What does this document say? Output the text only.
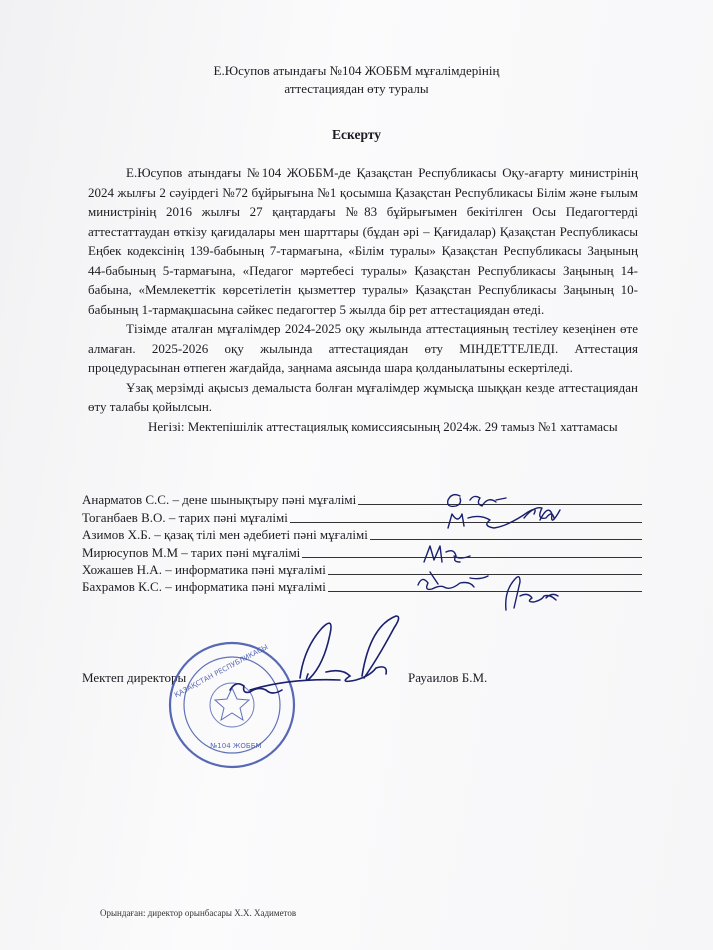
Е.Юсупов атындағы №104 ЖОББМ мұғалімдерінің
аттестациядан өту туралы
Ескерту

Е.Юсупов атындағы №104 ЖОББМ-де Қазақстан Республикасы Оқу-ағарту министрінің 2024 жылғы 2 сәуірдегі №72 бұйрығына №1 қосымша Қазақстан Республикасы Білім және ғылым министрінің 2016 жылғы 27 қаңтардағы №83 бұйрығымен бекітілген Осы Педагогтерді аттестаттаудан өткізу қағидалары мен шарттары (бұдан әрі – Қағидалар) Қазақстан Республикасы Еңбек кодексінің 139-бабының 7-тармағына, «Білім туралы» Қазақстан Республикасы Заңының 44-бабының 5-тармағына, «Педагог мәртебесі туралы» Қазақстан Республикасы Заңының 14-бабына, «Мемлекеттік көрсетілетін қызметтер туралы» Қазақстан Республикасы Заңының 10-бабының 1-тармақшасына сәйкес педагогтер 5 жылда бір рет аттестациядан өтеді.

Тізімде аталған мұғалімдер 2024-2025 оқу жылында аттестацияның тестілеу кезеңінен өте алмаған. 2025-2026 оқу жылында аттестациядан өту МІНДЕТТЕЛЕДІ. Аттестация процедурасынан өтпеген жағдайда, заңнама аясында шара қолданылатыны ескертіледі.

Ұзақ мерзімді ақысыз демалыста болған мұғалімдер жұмысқа шыққан кезде аттестациядан өту талабы қойылсын.

Негізі: Мектепішілік аттестациялық комиссиясының 2024ж. 29 тамыз №1 хаттамасы

Анарматов С.С. – дене шынықтыру пәні мұғалімі
Тоганбаев В.О. – тарих пәні мұғалімі
Азимов Х.Б. – қазақ тілі мен әдебиеті пәні мұғалімі
Мирюсупов М.М – тарих пәні мұғалімі
Хожашев Н.А. – информатика пәні мұғалімі
Бахрамов К.С. – информатика пәні мұғалімі
Мектеп директоры	Рауаилов Б.М.
Орындаған: директор орынбасары Х.Х. Хадиметов
ҚАЗАҚСТАН РЕСПУБЛИКАСЫ
№104 ЖОББМ
